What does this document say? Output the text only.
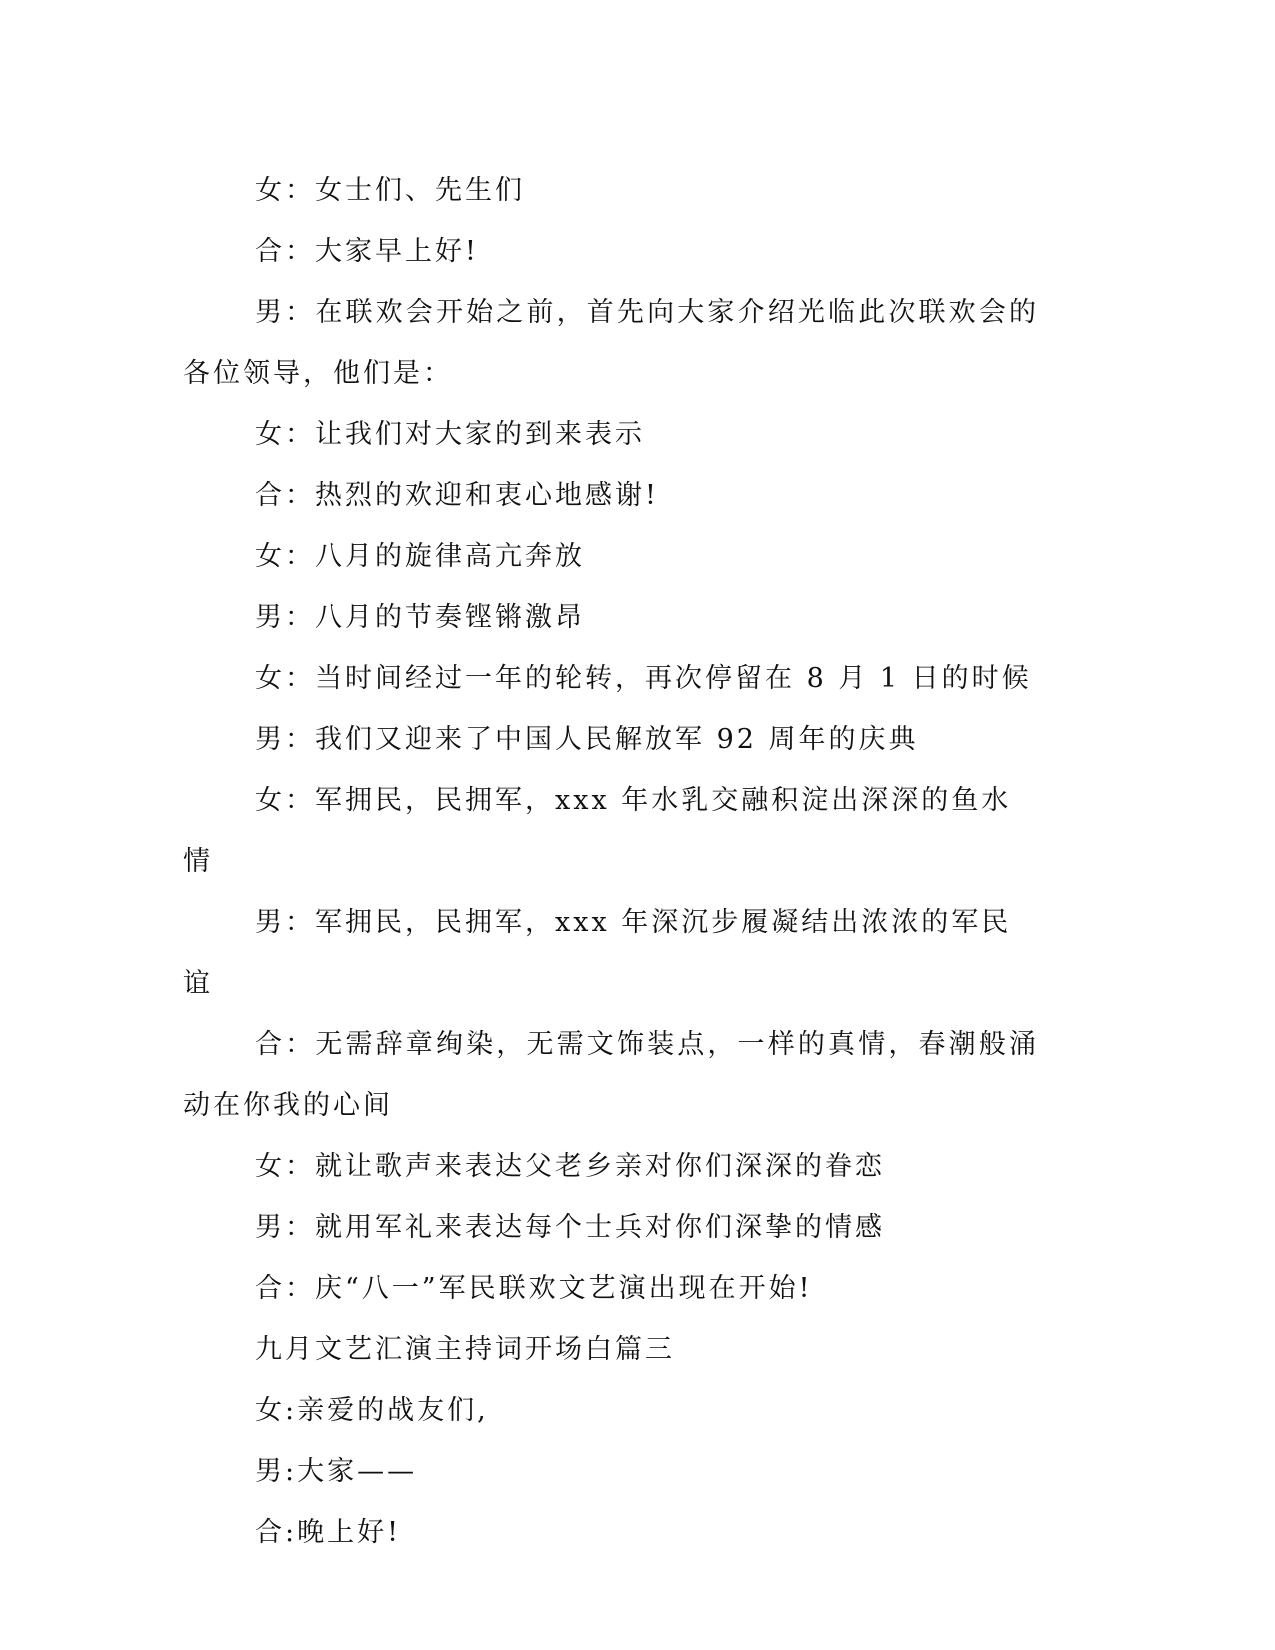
女：女士们、先生们

合：大家早上好!

男：在联欢会开始之前，首先向大家介绍光临此次联欢会的各位领导，他们是：

女：让我们对大家的到来表示

合：热烈的欢迎和衷心地感谢!

女：八月的旋律高亢奔放

男：八月的节奏铿锵激昂

女：当时间经过一年的轮转，再次停留在 8 月 1 日的时候

男：我们又迎来了中国人民解放军 92 周年的庆典

女：军拥民，民拥军，xxx 年水乳交融积淀出深深的鱼水情

男：军拥民，民拥军，xxx 年深沉步履凝结出浓浓的军民谊

合：无需辞章绚染，无需文饰装点，一样的真情，春潮般涌动在你我的心间

女：就让歌声来表达父老乡亲对你们深深的眷恋

男：就用军礼来表达每个士兵对你们深挚的情感

合：庆“八一”军民联欢文艺演出现在开始!

九月文艺汇演主持词开场白篇三

女:亲爱的战友们,

男:大家——

合:晚上好!
